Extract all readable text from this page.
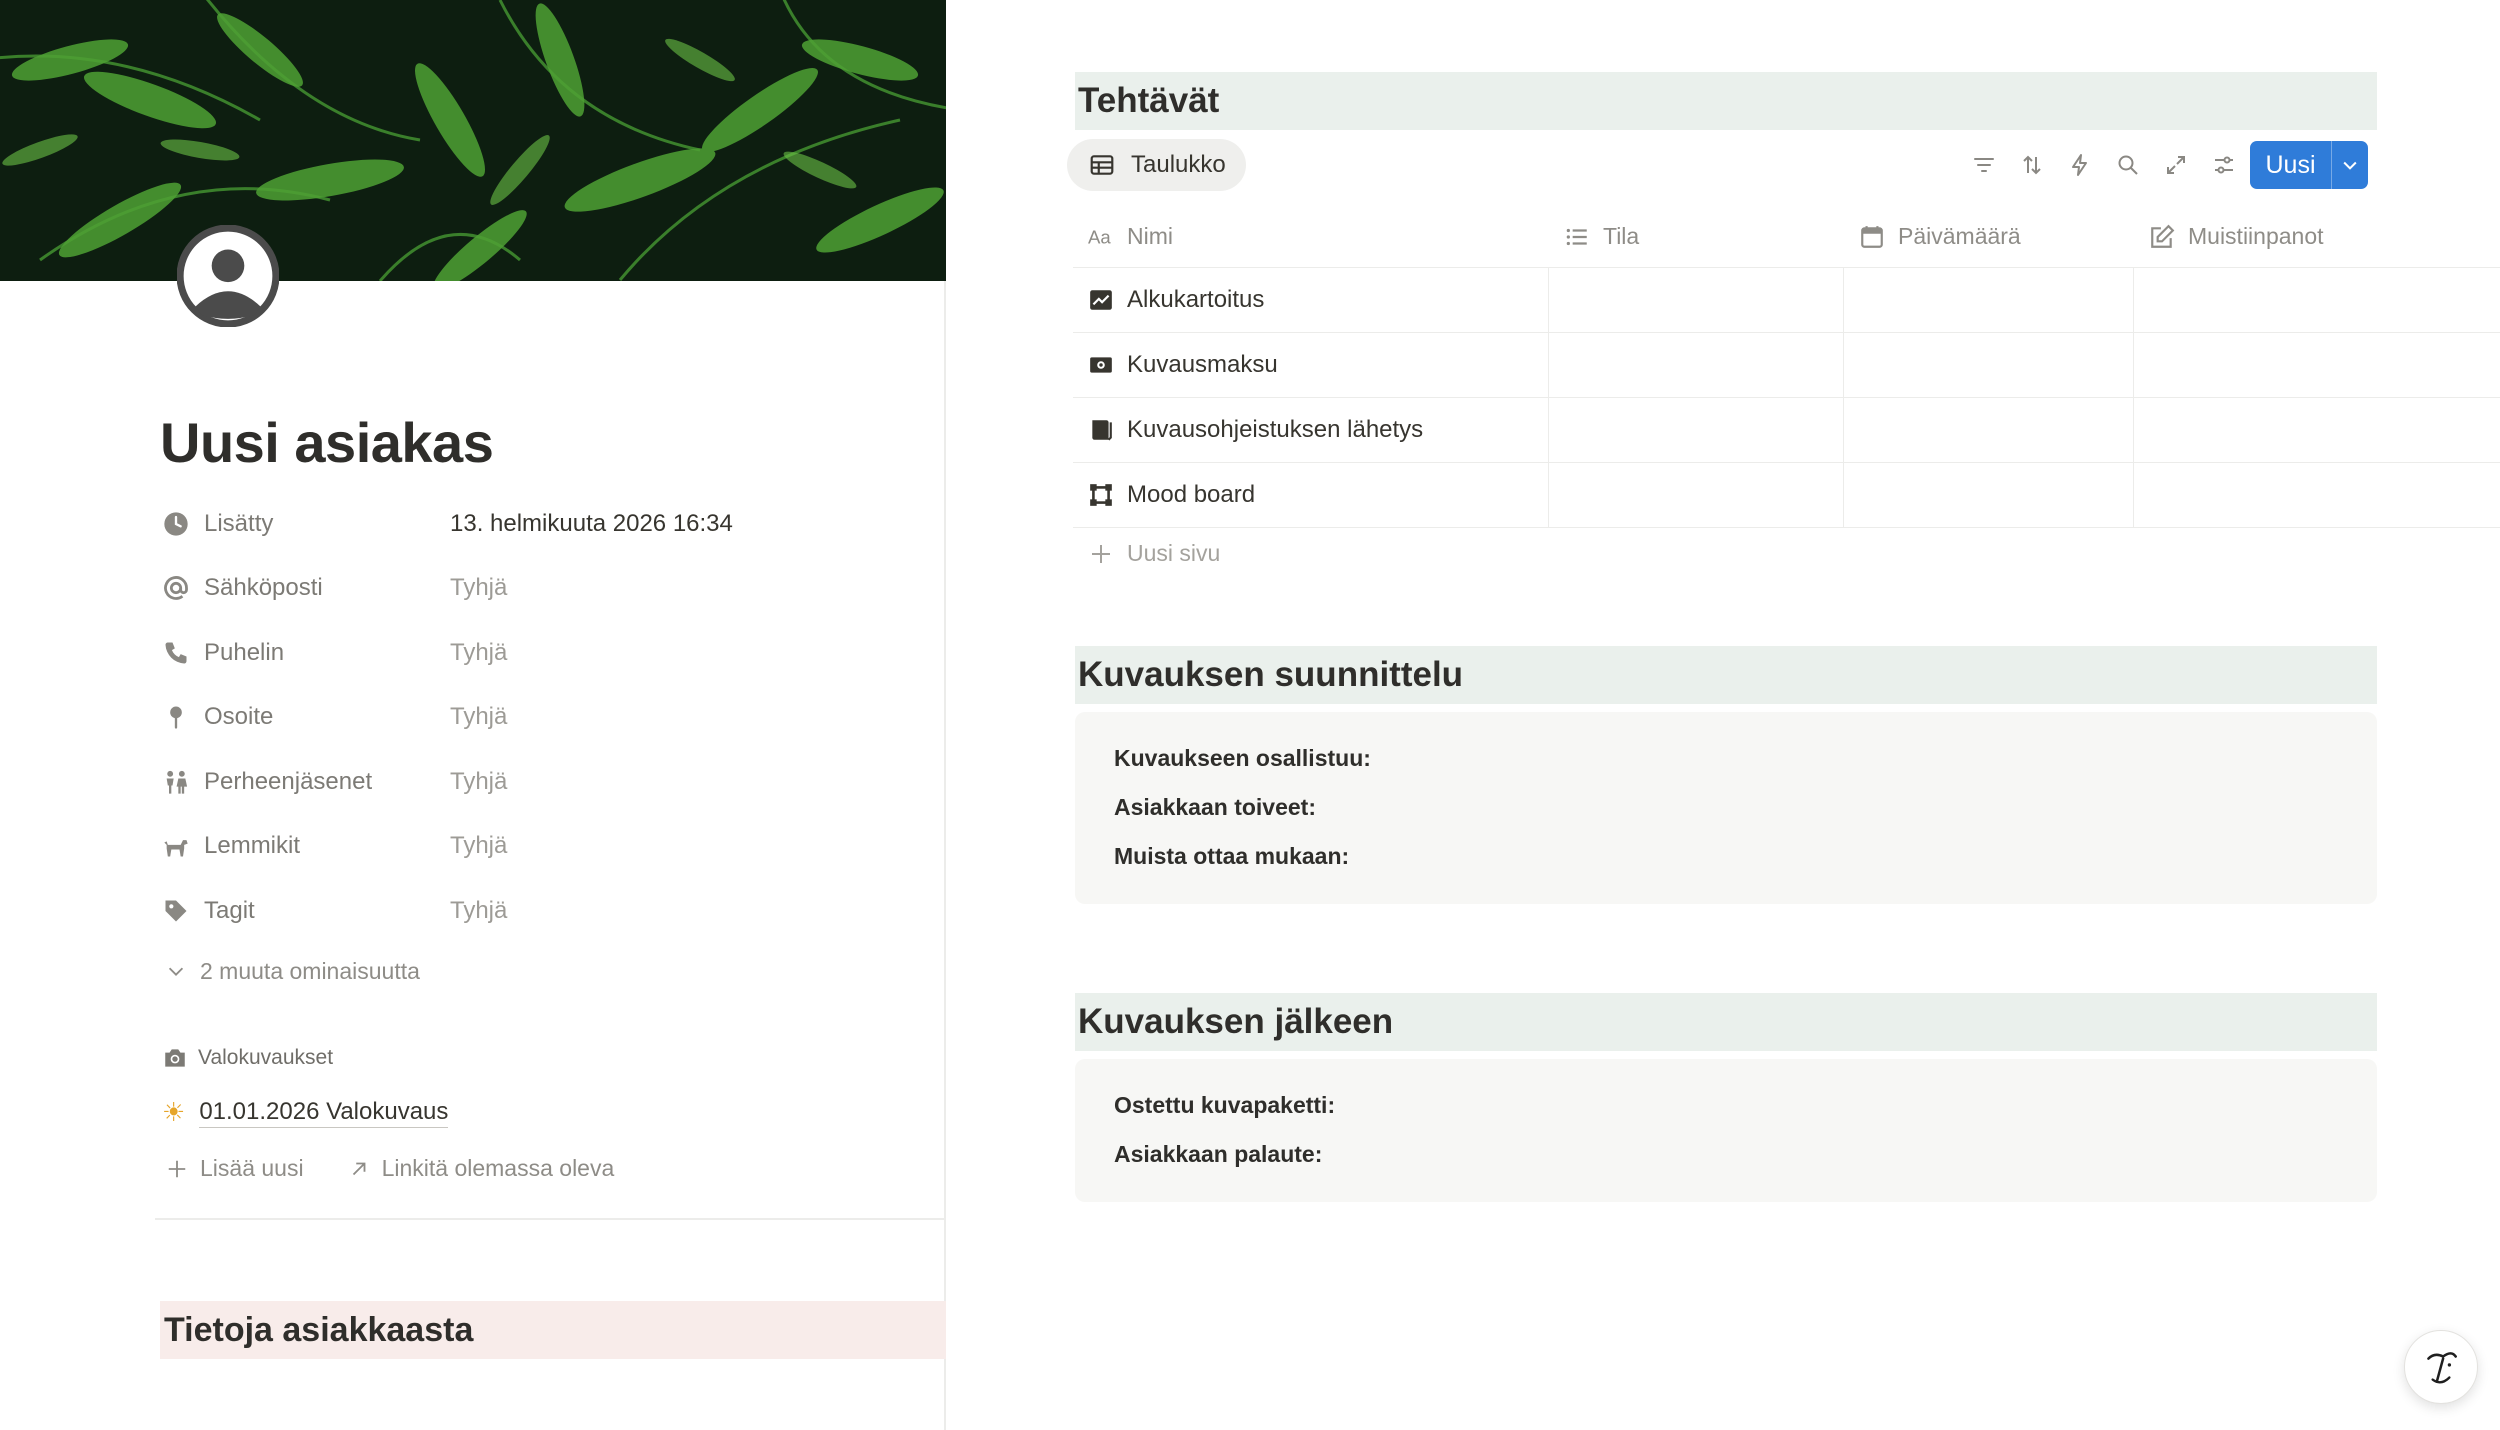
Uusi asiakas
Lisätty	13. helmikuuta 2026 16:34
Sähköposti	Tyhjä
Puhelin	Tyhjä
Osoite	Tyhjä
Perheenjäsenet	Tyhjä
Lemmikit	Tyhjä
Tagit	Tyhjä
2 muuta ominaisuutta
Valokuvaukset
☀ 01.01.2026 Valokuvaus
Lisää uusi	Linkitä olemassa oleva
Tietoja asiakkaasta
Tehtävät
Taulukko	Uusi
Aa Nimi	Tila	Päivämäärä	Muistiinpanot
Alkukartoitus
Kuvausmaksu
Kuvausohjeistuksen lähetys
Mood board
Uusi sivu
Kuvauksen suunnittelu
Kuvaukseen osallistuu:
Asiakkaan toiveet:
Muista ottaa mukaan:
Kuvauksen jälkeen
Ostettu kuvapaketti:
Asiakkaan palaute:
